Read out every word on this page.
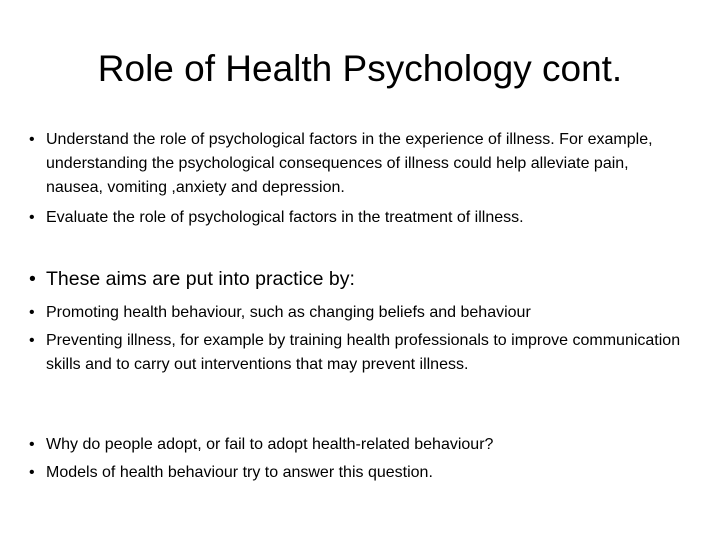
Role of Health Psychology cont.
• Understand the role of psychological factors in the experience of illness. For example, understanding the psychological consequences of illness could help alleviate pain, nausea, vomiting ,anxiety and depression.
• Evaluate the role of psychological factors in the treatment of illness.
• These aims are put into practice by:
• Promoting health behaviour, such as changing beliefs and behaviour
• Preventing illness, for example by training health professionals to improve communication skills and to carry out interventions that may prevent illness.
• Why do people adopt, or fail to adopt health-related behaviour?
• Models of health behaviour try to answer this question.
